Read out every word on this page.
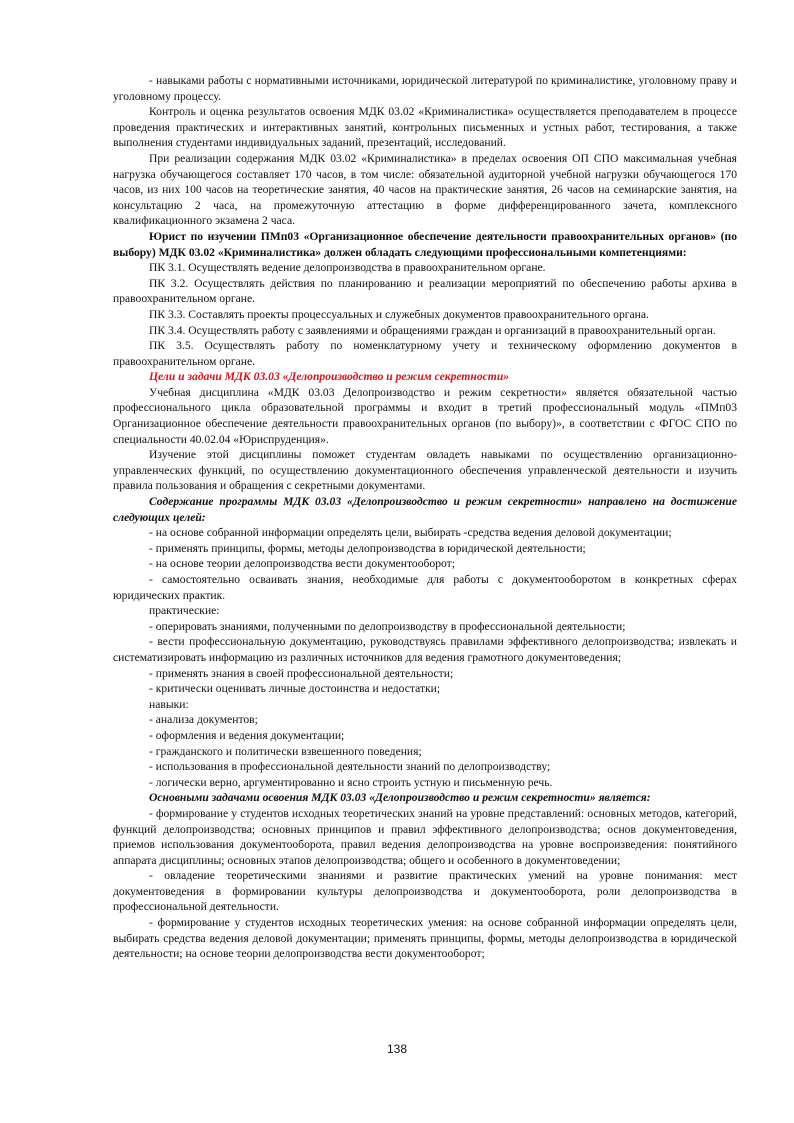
- навыками работы с нормативными источниками, юридической литературой по криминалистике, уголовному праву и уголовному процессу.

Контроль и оценка результатов освоения МДК 03.02 «Криминалистика» осуществляется преподавателем в процессе проведения практических и интерактивных занятий, контрольных письменных и устных работ, тестирования, а также выполнения студентами индивидуальных заданий, презентаций, исследований.

При реализации содержания МДК 03.02 «Криминалистика» в пределах освоения ОП СПО максимальная учебная нагрузка обучающегося составляет 170 часов, в том числе: обязательной аудиторной учебной нагрузки обучающегося 170 часов, из них 100 часов на теоретические занятия, 40 часов на практические занятия, 26 часов на семинарские занятия, на консультацию 2 часа, на промежуточную аттестацию в форме дифференцированного зачета, комплексного квалификационного экзамена 2 часа.

Юрист по изучении ПМп03 «Организационное обеспечение деятельности правоохранительных органов» (по выбору) МДК 03.02 «Криминалистика» должен обладать следующими профессиональными компетенциями:

ПК 3.1. Осуществлять ведение делопроизводства в правоохранительном органе.

ПК 3.2. Осуществлять действия по планированию и реализации мероприятий по обеспечению работы архива в правоохранительном органе.

ПК 3.3. Составлять проекты процессуальных и служебных документов правоохранительного органа.

ПК 3.4. Осуществлять работу с заявлениями и обращениями граждан и организаций в правоохранительный орган.

ПК 3.5. Осуществлять работу по номенклатурному учету и техническому оформлению документов в правоохранительном органе.

Цели и задачи МДК 03.03 «Делопроизводство и режим секретности»

Учебная дисциплина «МДК 03.03 Делопроизводство и режим секретности» является обязательной частью профессионального цикла образовательной программы и входит в третий профессиональный модуль «ПМп03 Организационное обеспечение деятельности правоохранительных органов (по выбору)», в соответствии с ФГОС СПО по специальности 40.02.04 «Юриспруденция».

Изучение этой дисциплины поможет студентам овладеть навыками по осуществлению организационно-управленческих функций, по осуществлению документационного обеспечения управленческой деятельности и изучить правила пользования и обращения с секретными документами.

Содержание программы МДК 03.03 «Делопроизводство и режим секретности» направлено на достижение следующих целей:

- на основе собранной информации определять цели, выбирать -средства ведения деловой документации;

- применять принципы, формы, методы делопроизводства в юридической деятельности;

- на основе теории делопроизводства вести документооборот;

- самостоятельно осваивать знания, необходимые для работы с документооборотом в конкретных сферах юридических практик.

практические:

- оперировать знаниями, полученными по делопроизводству в профессиональной деятельности;

- вести профессиональную документацию, руководствуясь правилами эффективного делопроизводства; извлекать и систематизировать информацию из различных источников для ведения грамотного документоведения;

- применять знания в своей профессиональной деятельности;

- критически оценивать личные достоинства и недостатки;

навыки:

- анализа документов;

- оформления и ведения документации;

- гражданского и политически взвешенного поведения;

- использования в профессиональной деятельности знаний по делопроизводству;

- логически верно, аргументированно и ясно строить устную и письменную речь.

Основными задачами освоения МДК 03.03 «Делопроизводство и режим секретности» является:

- формирование у студентов исходных теоретических знаний на уровне представлений: основных методов, категорий, функций делопроизводства; основных принципов и правил эффективного делопроизводства; основ документоведения, приемов использования документооборота, правил ведения делопроизводства на уровне воспроизведения: понятийного аппарата дисциплины; основных этапов делопроизводства; общего и особенного в документоведении;

- овладение теоретическими знаниями и развитие практических умений на уровне понимания: мест документоведения в формировании культуры делопроизводства и документооборота, роли делопроизводства в профессиональной деятельности.

- формирование у студентов исходных теоретических умения: на основе собранной информации определять цели, выбирать средства ведения деловой документации; применять принципы, формы, методы делопроизводства в юридической деятельности; на основе теории делопроизводства вести документооборот;

138
